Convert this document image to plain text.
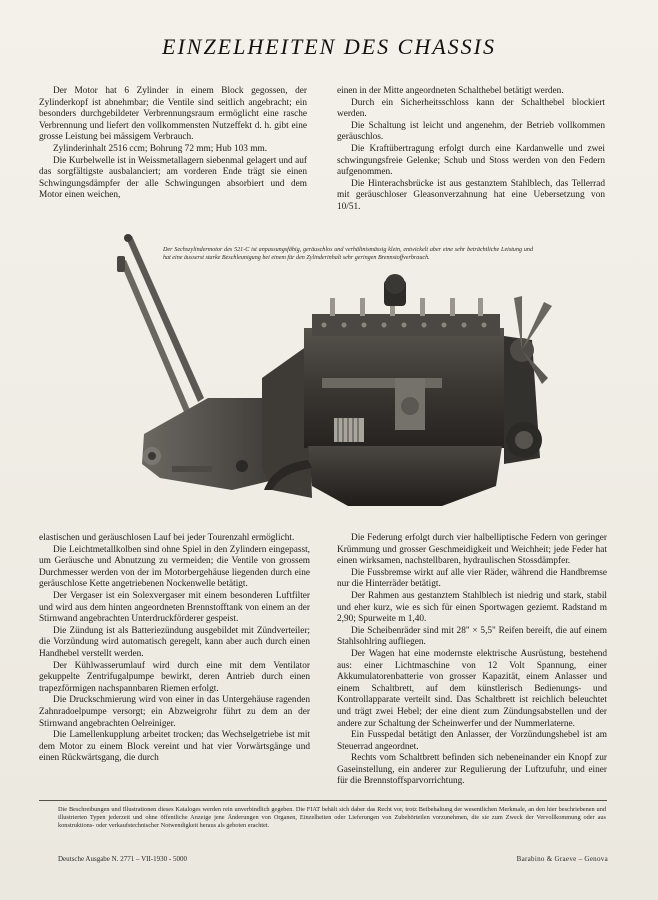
EINZELHEITEN DES CHASSIS

Der Motor hat 6 Zylinder in einem Block gegossen, der Zylinderkopf ist abnehmbar; die Ventile sind seitlich angebracht; ein besonders durchgebildeter Verbrennungsraum ermöglicht eine rasche Verbrennung und liefert den vollkommensten Nutzeffekt d. h. gibt eine grosse Leistung bei mässigem Verbrauch.

Zylinderinhalt 2516 ccm; Bohrung 72 mm; Hub 103 mm.

Die Kurbelwelle ist in Weissmetallagern siebenmal gelagert und auf das sorgfältigste ausbalanciert; am vorderen Ende trägt sie einen Schwingungsdämpfer der alle Schwingungen absorbiert und dem Motor einen weichen,

einen in der Mitte angeordneten Schalthebel betätigt werden.

Durch ein Sicherheitsschloss kann der Schalthebel blockiert werden.

Die Schaltung ist leicht und angenehm, der Betrieb vollkommen geräuschlos.

Die Kraftübertragung erfolgt durch eine Kardanwelle und zwei schwingungsfreie Gelenke; Schub und Stoss werden von den Federn aufgenommen.

Die Hinterachsbrücke ist aus gestanztem Stahlblech, das Tellerrad mit geräuschloser Gleasonverzahnung hat eine Uebersetzung von 10/51.

Der Sechszylindermotor des 521-C ist anpassungsfähig, geräuschlos und verhältnismässig klein, entwickelt aber eine sehr beträchtliche Leistung und hat eine äusserst starke Beschleunigung bei einem für den Zylinderinhalt sehr geringen Brennstoffverbrauch.

elastischen und geräuschlosen Lauf bei jeder Tourenzahl ermöglicht.

Die Leichtmetallkolben sind ohne Spiel in den Zylindern eingepasst, um Geräusche und Abnutzung zu vermeiden; die Ventile von grossem Durchmesser werden von der im Motorbergehäuse liegenden durch eine geräuschlose Kette angetriebenen Nockenwelle betätigt.

Der Vergaser ist ein Solexvergaser mit einem besonderen Luftfilter und wird aus dem hinten angeordneten Brennstofftank von einem an der Stirnwand angebrachten Unterdruckförderer gespeist.

Die Zündung ist als Batteriezündung ausgebildet mit Zündverteiler; die Vorzündung wird automatisch geregelt, kann aber auch durch einen Handhebel verstellt werden.

Der Kühlwasserumlauf wird durch eine mit dem Ventilator gekuppelte Zentrifugalpumpe bewirkt, deren Antrieb durch einen trapezförmigen nachspannbaren Riemen erfolgt.

Die Druckschmierung wird von einer in das Untergehäuse ragenden Zahnradoelpumpe versorgt; ein Abzweigrohr führt zu dem an der Stirnwand angebrachten Oelreiniger.

Die Lamellenkupplung arbeitet trocken; das Wechselgetriebe ist mit dem Motor zu einem Block vereint und hat vier Vorwärtsgänge und einen Rückwärtsgang, die durch

Die Federung erfolgt durch vier halbelliptische Federn von geringer Krümmung und grosser Geschmeidigkeit und Weichheit; jede Feder hat einen wirksamen, nachstellbaren, hydraulischen Stossdämpfer.

Die Fussbremse wirkt auf alle vier Räder, während die Handbremse nur die Hinterräder betätigt.

Der Rahmen aus gestanztem Stahlblech ist niedrig und stark, stabil und eher kurz, wie es sich für einen Sportwagen geziemt. Radstand m 2,90; Spurweite m 1,40.

Die Scheibenräder sind mit 28" × 5,5" Reifen bereift, die auf einem Stahlsohlring aufliegen.

Der Wagen hat eine modernste elektrische Ausrüstung, bestehend aus: einer Lichtmaschine von 12 Volt Spannung, einer Akkumulatorenbatterie von grosser Kapazität, einem Anlasser und einem Schaltbrett, auf dem künstlerisch Bedienungs- und Kontrollapparate verteilt sind. Das Schaltbrett ist reichlich beleuchtet und trägt zwei Hebel; der eine dient zum Zündungsabstellen und der andere zur Schaltung der Scheinwerfer und der Nummerlaterne.

Ein Fusspedal betätigt den Anlasser, der Vorzündungshebel ist am Steuerrad angeordnet.

Rechts vom Schaltbrett befinden sich nebeneinander ein Knopf zur Gaseinstellung, ein anderer zur Regulierung der Luftzufuhr, und einer für die Brennstoffsparvorrichtung.

Die Beschreibungen und Illustrationen dieses Kataloges werden rein unverbindlich gegeben. Die FIAT behält sich daher das Recht vor, trotz Beibehaltung der wesentlichen Merkmale, an den hier beschriebenen und illustrierten Typen jederzeit und ohne öffentliche Anzeige jene Änderungen von Organen, Einzelheiten oder Lieferungen von Zubehörteilen vorzunehmen, die sie zum Zweck der Vervollkommung oder aus konstruktions- oder verkaufstechnischer Notwendigkeit heraus als geboten erachtet.
Deutsche Ausgabe N. 2771 – VII-1930 - 5000	Barabino & Graeve – Genova
